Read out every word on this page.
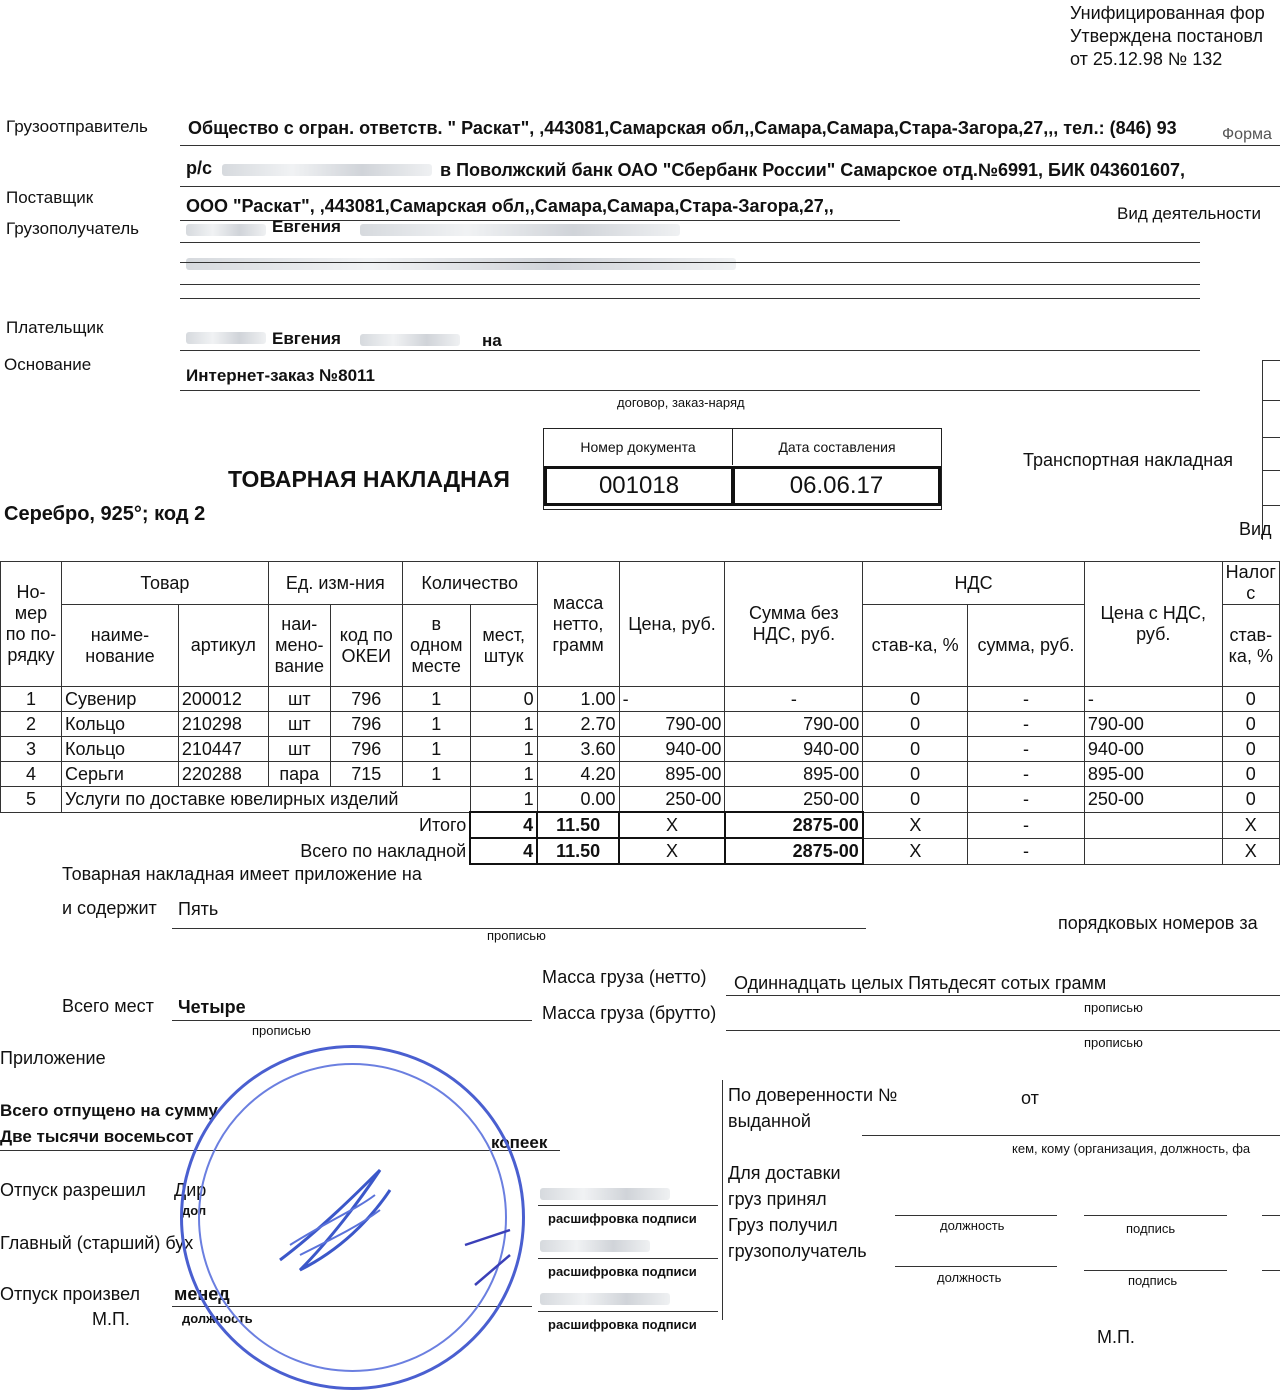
Унифицированная фор
Утверждена постановл
от 25.12.98 № 132
Грузоотправитель Общество с огран. ответств. " Раскат", ,443081,Самарская обл,,Самара,Самара,Стара-Загора,27,,, тел.: (846) 93	Форма
р/с	в Поволжский банк ОАО "Сбербанк России" Самарское отд.№6991, БИК 043601607,
Поставщик	ООО "Раскат", ,443081,Самарская обл,,Самара,Самара,Стара-Загора,27,,	Вид деятельности
Грузополучатель	Евгения
Плательщик
Евгения	на
Основание
Интернет-заказ №8011
договор, заказ-наряд
ТОВАРНАЯ НАКЛАДНАЯ
Номер документа	Дата составления
001018	06.06.17
Транспортная накладная
Вид
Серебро, 925°; код 2
Но-мер по по-рядку	Товар		Ед. изм-ния		Количество		масса нетто, грамм	Цена, руб.	Сумма без НДС, руб.	НДС		Цена с НДС, руб.	Налог с
	наиме-нование	артикул	наи-мено-вание	код по ОКЕИ	в одном месте	мест, штук				став-ка, %	сумма, руб.		став-ка, %
1	Сувенир	200012	шт	796	1	0	1.00	-	-	0	-	-	0
2	Кольцо	210298	шт	796	1	1	2.70	790-00	790-00	0	-	790-00	0
3	Кольцо	210447	шт	796	1	1	3.60	940-00	940-00	0	-	940-00	0
4	Серьги	220288	пара	715	1	1	4.20	895-00	895-00	0	-	895-00	0
5	Услуги по доставке ювелирных изделий					1	0.00	250-00	250-00	0	-	250-00	0
				Итого		4	11.50	X	2875-00	X	-		X
			Всего по накладной			4	11.50	X	2875-00	X	-		X
Товарная накладная имеет приложение на
и содержит Пять
прописью
порядковых номеров за
Масса груза (нетто) Одиннадцать целых Пятьдесят сотых грамм
прописью
Масса груза (брутто)
прописью
Всего мест Четыре
прописью
Приложение
Всего отпущено на сумму
Две тысячи восемьсот	копеек
Отпуск разрешил Дир
дол
расшифровка подписи
Главный (старший) бух
расшифровка подписи
Отпуск произвел менед
должность	расшифровка подписи
М.П.
По доверенности №	от
выданной
кем, кому (организация, должность, фа
Для доставки
груз принял
должность	подпись
Груз получил
грузополучатель
должность	подпись
М.П.
